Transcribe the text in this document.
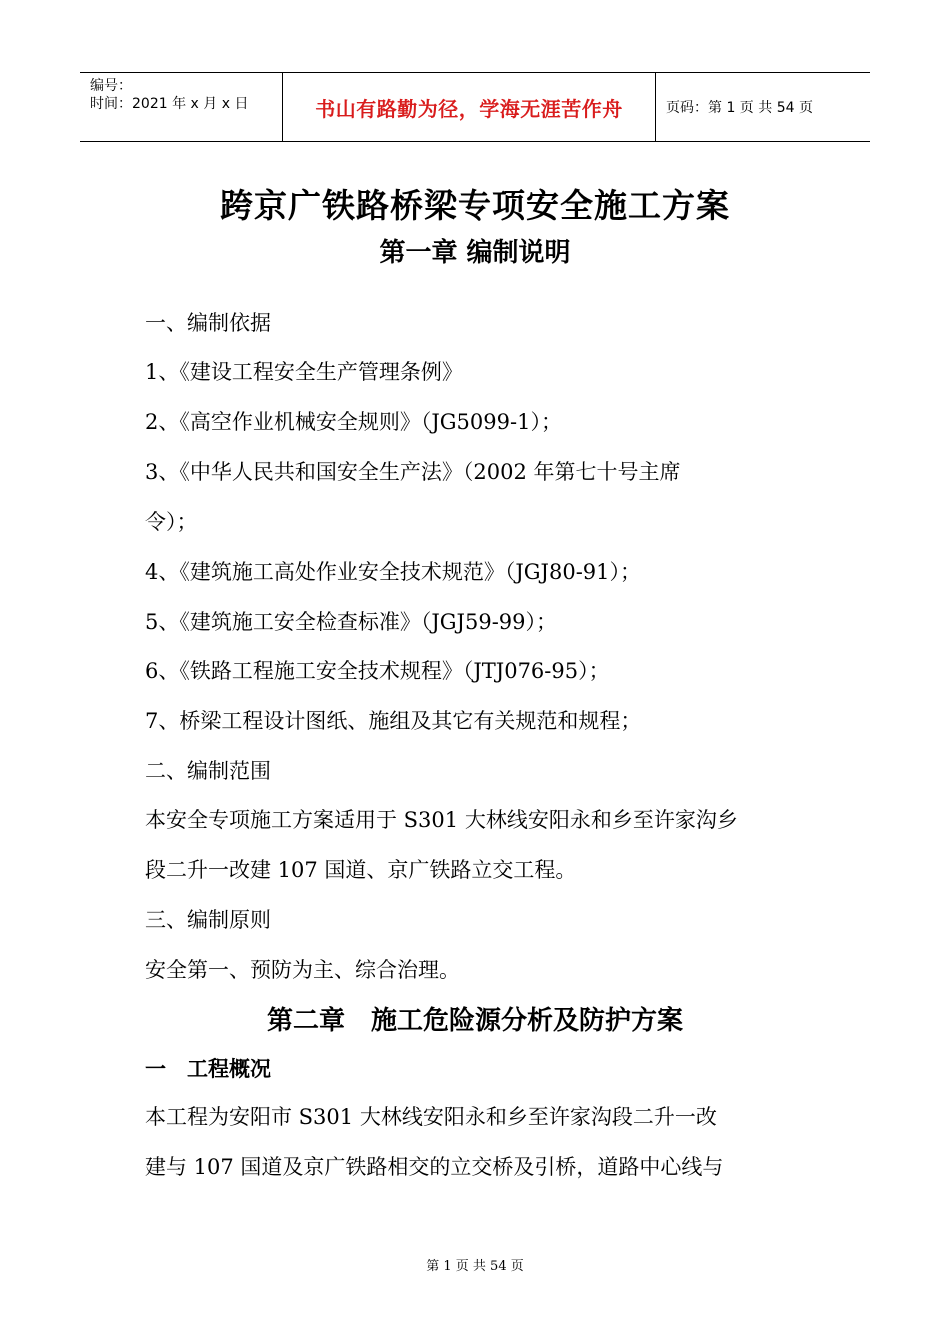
编号：
时间：2021 年 x 月 x 日	书山有路勤为径，学海无涯苦作舟	页码：第 1 页 共 54 页
跨京广铁路桥梁专项安全施工方案
第一章 编制说明
一、编制依据
1、《建设工程安全生产管理条例》
2、《高空作业机械安全规则》（JG5099-1）；
3、《中华人民共和国安全生产法》（2002 年第七十号主席
令）；
4、《建筑施工高处作业安全技术规范》（JGJ80-91）；
5、《建筑施工安全检查标准》（JGJ59-99）；
6、《铁路工程施工安全技术规程》（JTJ076-95）；
7、桥梁工程设计图纸、施组及其它有关规范和规程；
二、编制范围
本安全专项施工方案适用于 S301 大林线安阳永和乡至许家沟乡
段二升一改建 107 国道、京广铁路立交工程。
三、编制原则
安全第一、预防为主、综合治理。
第二章　施工危险源分析及防护方案
一　工程概况
本工程为安阳市 S301 大林线安阳永和乡至许家沟段二升一改
建与 107 国道及京广铁路相交的立交桥及引桥，道路中心线与
第 1 页 共 54 页
